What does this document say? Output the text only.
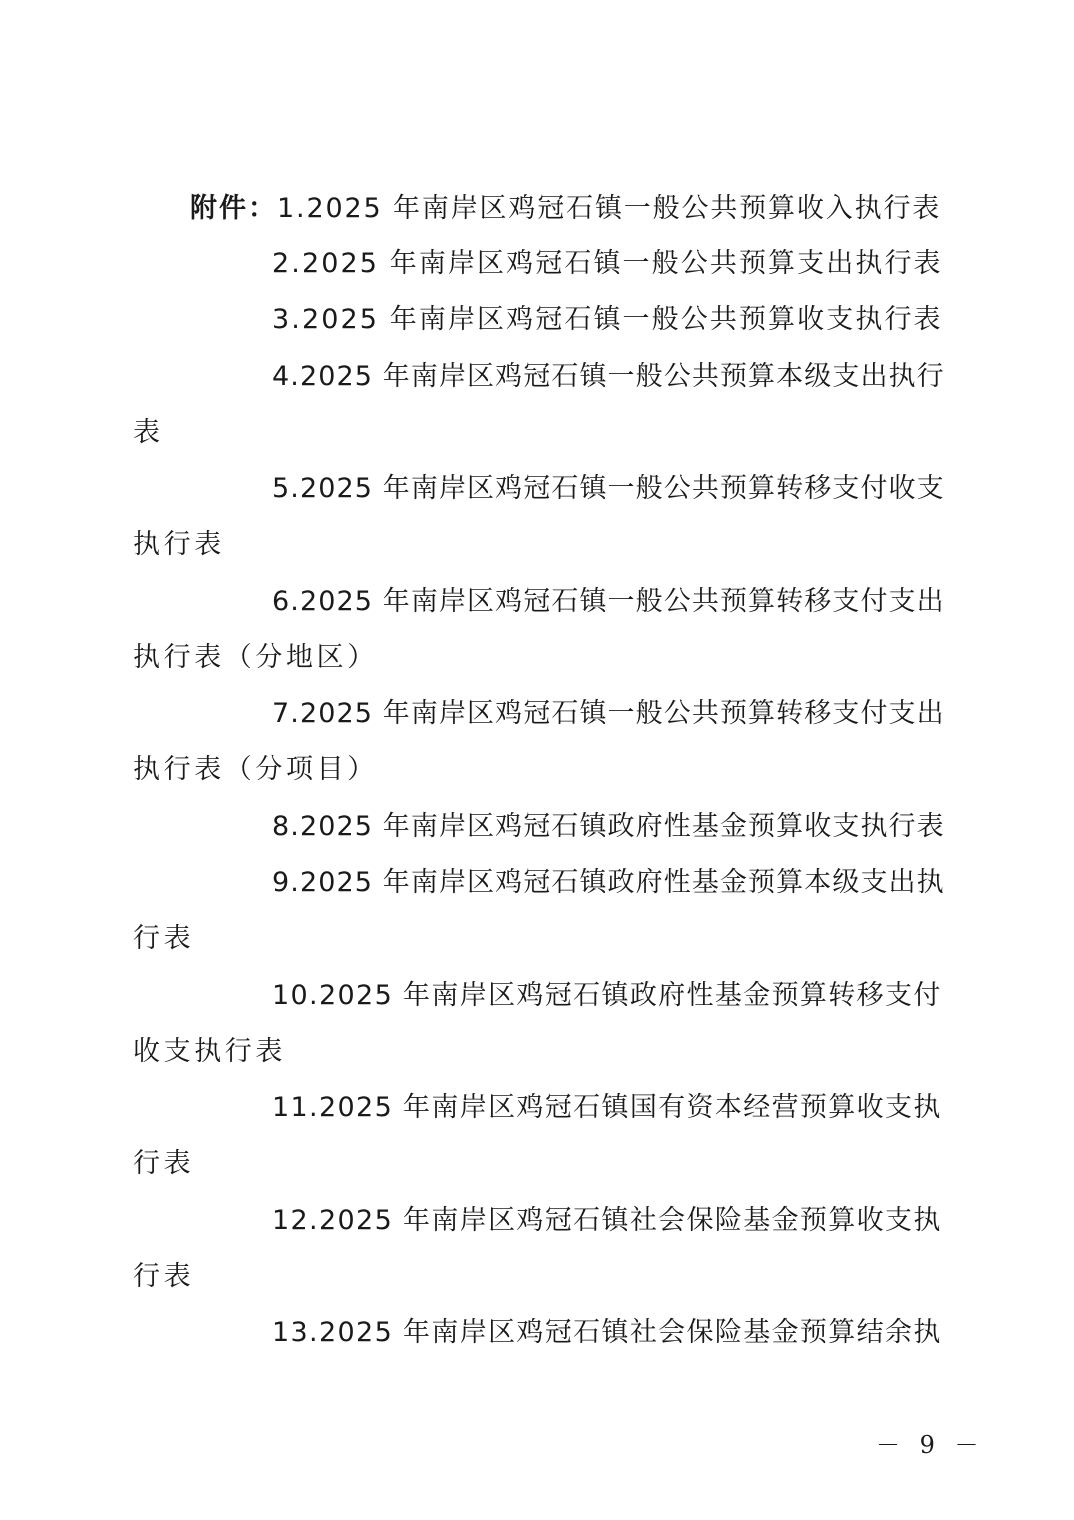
附件：1.2025 年南岸区鸡冠石镇一般公共预算收入执行表
2.2025 年南岸区鸡冠石镇一般公共预算支出执行表
3.2025 年南岸区鸡冠石镇一般公共预算收支执行表
4.2025 年南岸区鸡冠石镇一般公共预算本级支出执行
表
5.2025 年南岸区鸡冠石镇一般公共预算转移支付收支
执行表
6.2025 年南岸区鸡冠石镇一般公共预算转移支付支出
执行表（分地区）
7.2025 年南岸区鸡冠石镇一般公共预算转移支付支出
执行表（分项目）
8.2025 年南岸区鸡冠石镇政府性基金预算收支执行表
9.2025 年南岸区鸡冠石镇政府性基金预算本级支出执
行表
10.2025 年南岸区鸡冠石镇政府性基金预算转移支付
收支执行表
11.2025 年南岸区鸡冠石镇国有资本经营预算收支执
行表
12.2025 年南岸区鸡冠石镇社会保险基金预算收支执
行表
13.2025 年南岸区鸡冠石镇社会保险基金预算结余执
－ 9 －
